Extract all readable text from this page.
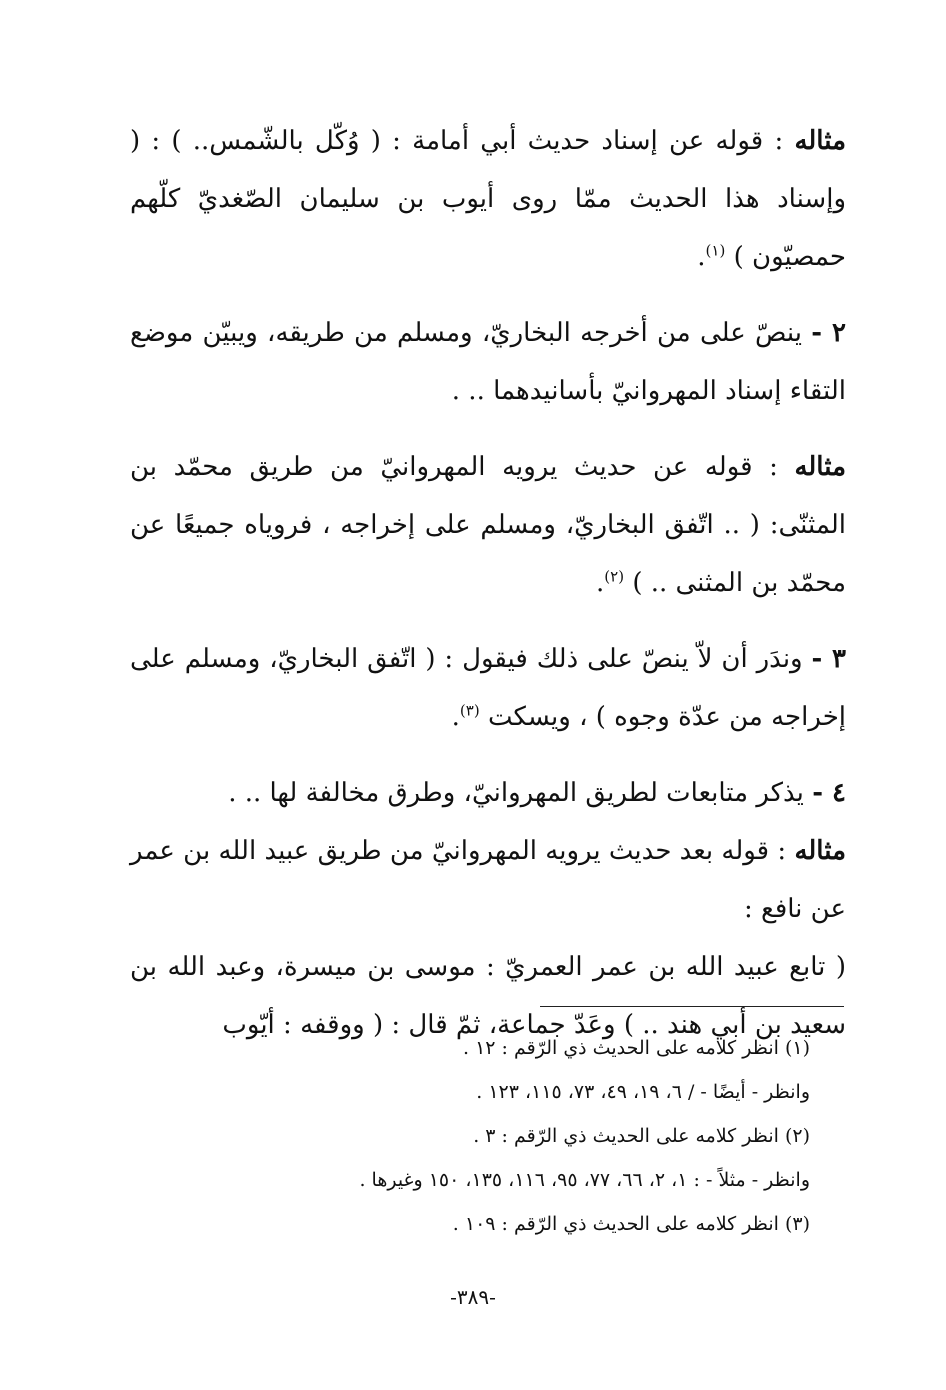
مثاله : قوله عن إسناد حديث أبي أمامة : ( وُكّل بالشّمس.. ) : ( وإسناد هذا الحديث ممّا روى أيوب بن سليمان الصّغديّ كلّهم حمصيّون ) $^{(١)}$.

٢ - ينصّ على من أخرجه البخاريّ، ومسلم من طريقه، ويبيّن موضع التقاء إسناد المهروانيّ بأسانيدهما .. .

مثاله : قوله عن حديث يرويه المهروانيّ من طريق محمّد بن المثنّى: ( .. اتّفق البخاريّ، ومسلم على إخراجه ، فروياه جميعًا عن محمّد بن المثنى .. ) $^{(٢)}$.

٣ - وندَر أن لاّ ينصّ على ذلك فيقول : ( اتّفق البخاريّ، ومسلم على إخراجه من عدّة وجوه ) ، ويسكت $^{(٣)}$.

٤ - يذكر متابعات لطريق المهروانيّ، وطرق مخالفة لها .. .

مثاله : قوله بعد حديث يرويه المهروانيّ من طريق عبيد الله بن عمر عن نافع :

( تابع عبيد الله بن عمر العمريّ : موسى بن ميسرة، وعبد الله بن سعيد بن أبي هند .. ) وعَدّ جماعة، ثمّ قال : ( ووقفه : أيّوب

(١) انظر كلامه على الحديث ذي الرّقم : ١٢ .

وانظر - أيضًا - / ٦، ١٩، ٤٩، ٧٣، ١١٥، ١٢٣ .

(٢) انظر كلامه على الحديث ذي الرّقم : ٣ .

وانظر - مثلاً - : ١، ٢، ٦٦، ٧٧، ٩٥، ١١٦، ١٣٥، ١٥٠ وغيرها .

(٣) انظر كلامه على الحديث ذي الرّقم : ١٠٩ .

-٣٨٩-
